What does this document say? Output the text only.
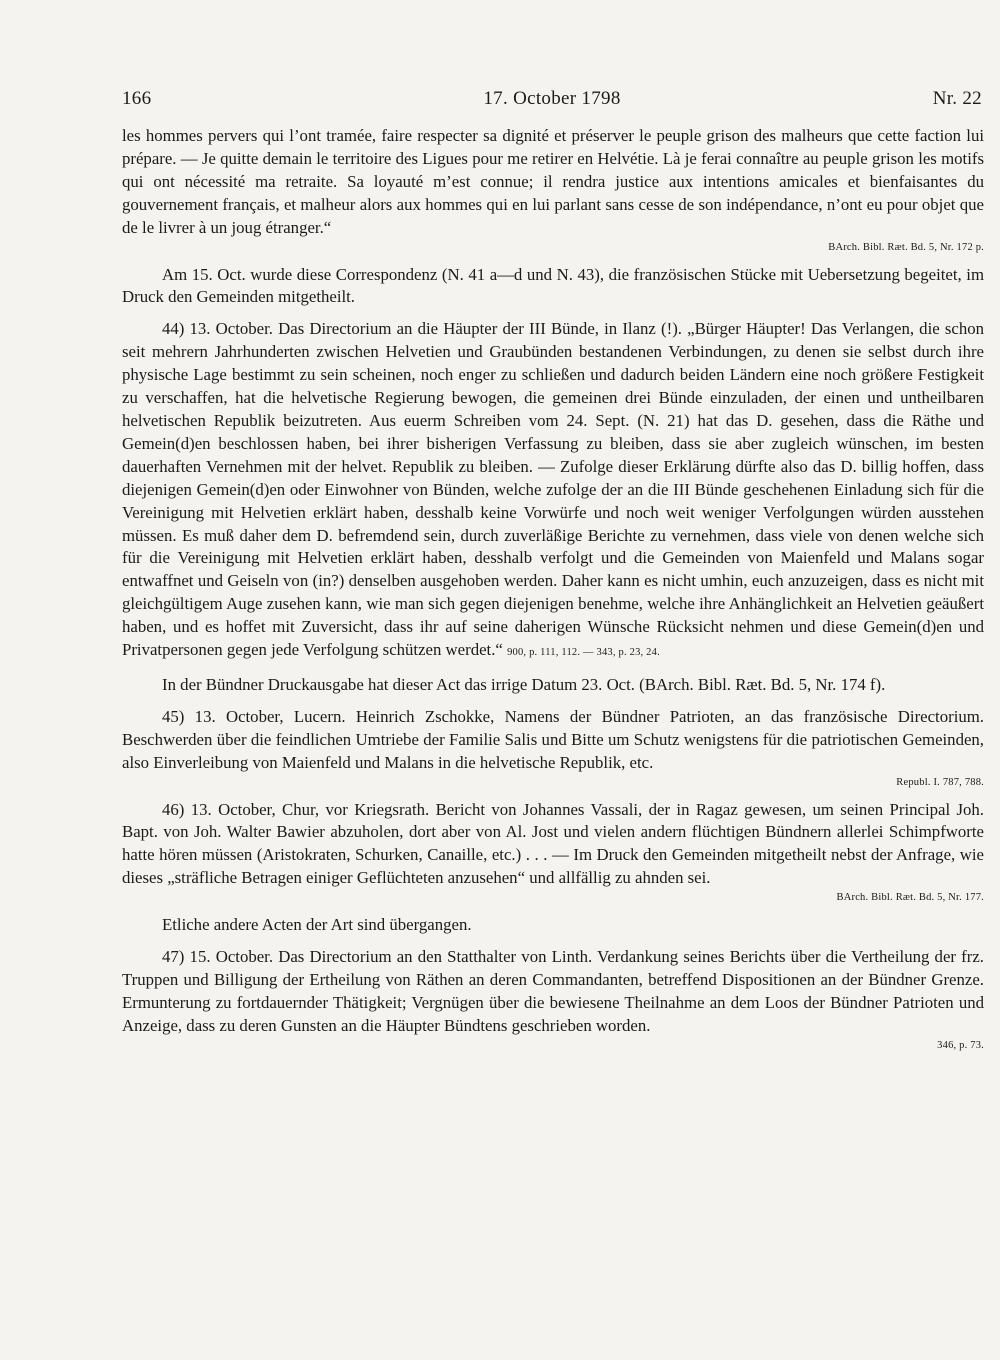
166	17. October 1798	Nr. 22

les hommes pervers qui l’ont tramée, faire respecter sa dignité et préserver le peuple grison des malheurs que cette faction lui prépare. — Je quitte demain le territoire des Ligues pour me retirer en Helvétie. Là je ferai connaître au peuple grison les motifs qui ont nécessité ma retraite. Sa loyauté m’est connue; il rendra justice aux intentions amicales et bienfaisantes du gouvernement français, et malheur alors aux hommes qui en lui parlant sans cesse de son indépendance, n’ont eu pour objet que de le livrer à un joug étranger.“

BArch. Bibl. Ræt. Bd. 5, Nr. 172 p.

Am 15. Oct. wurde diese Correspondenz (N. 41 a—d und N. 43), die französischen Stücke mit Uebersetzung begeitet, im Druck den Gemeinden mitgetheilt.

44) 13. October. Das Directorium an die Häupter der III Bünde, in Ilanz (!). „Bürger Häupter! Das Verlangen, die schon seit mehrern Jahrhunderten zwischen Helvetien und Graubünden bestandenen Verbindungen, zu denen sie selbst durch ihre physische Lage bestimmt zu sein scheinen, noch enger zu schließen und dadurch beiden Ländern eine noch größere Festigkeit zu verschaffen, hat die helvetische Regierung bewogen, die gemeinen drei Bünde einzuladen, der einen und untheilbaren helvetischen Republik beizutreten. Aus euerm Schreiben vom 24. Sept. (N. 21) hat das D. gesehen, dass die Räthe und Gemein(d)en beschlossen haben, bei ihrer bisherigen Verfassung zu bleiben, dass sie aber zugleich wünschen, im besten dauerhaften Vernehmen mit der helvet. Republik zu bleiben. — Zufolge dieser Erklärung dürfte also das D. billig hoffen, dass diejenigen Gemein(d)en oder Einwohner von Bünden, welche zufolge der an die III Bünde geschehenen Einladung sich für die Vereinigung mit Helvetien erklärt haben, desshalb keine Vorwürfe und noch weit weniger Verfolgungen würden ausstehen müssen. Es muß daher dem D. befremdend sein, durch zuverläßige Berichte zu vernehmen, dass viele von denen welche sich für die Vereinigung mit Helvetien erklärt haben, desshalb verfolgt und die Gemeinden von Maienfeld und Malans sogar entwaffnet und Geiseln von (in?) denselben ausgehoben werden. Daher kann es nicht umhin, euch anzuzeigen, dass es nicht mit gleichgültigem Auge zusehen kann, wie man sich gegen diejenigen benehme, welche ihre Anhänglichkeit an Helvetien geäußert haben, und es hoffet mit Zuversicht, dass ihr auf seine daherigen Wünsche Rücksicht nehmen und diese Gemein(d)en und Privatpersonen gegen jede Verfolgung schützen werdet.“ 900, p. 111, 112. — 343, p. 23, 24.

In der Bündner Druckausgabe hat dieser Act das irrige Datum 23. Oct. (BArch. Bibl. Ræt. Bd. 5, Nr. 174 f).

45) 13. October, Lucern. Heinrich Zschokke, Namens der Bündner Patrioten, an das französische Directorium. Beschwerden über die feindlichen Umtriebe der Familie Salis und Bitte um Schutz wenigstens für die patriotischen Gemeinden, also Einverleibung von Maienfeld und Malans in die helvetische Republik, etc.

Republ. I. 787, 788.

46) 13. October, Chur, vor Kriegsrath. Bericht von Johannes Vassali, der in Ragaz gewesen, um seinen Principal Joh. Bapt. von Joh. Walter Bawier abzuholen, dort aber von Al. Jost und vielen andern flüchtigen Bündnern allerlei Schimpfworte hatte hören müssen (Aristokraten, Schurken, Canaille, etc.) . . . — Im Druck den Gemeinden mitgetheilt nebst der Anfrage, wie dieses „sträfliche Betragen einiger Geflüchteten anzusehen“ und allfällig zu ahnden sei.

BArch. Bibl. Ræt. Bd. 5, Nr. 177.

Etliche andere Acten der Art sind übergangen.

47) 15. October. Das Directorium an den Statthalter von Linth. Verdankung seines Berichts über die Vertheilung der frz. Truppen und Billigung der Ertheilung von Räthen an deren Commandanten, betreffend Dispositionen an der Bündner Grenze. Ermunterung zu fortdauernder Thätigkeit; Vergnügen über die bewiesene Theilnahme an dem Loos der Bündner Patrioten und Anzeige, dass zu deren Gunsten an die Häupter Bündtens geschrieben worden.

346, p. 73.
